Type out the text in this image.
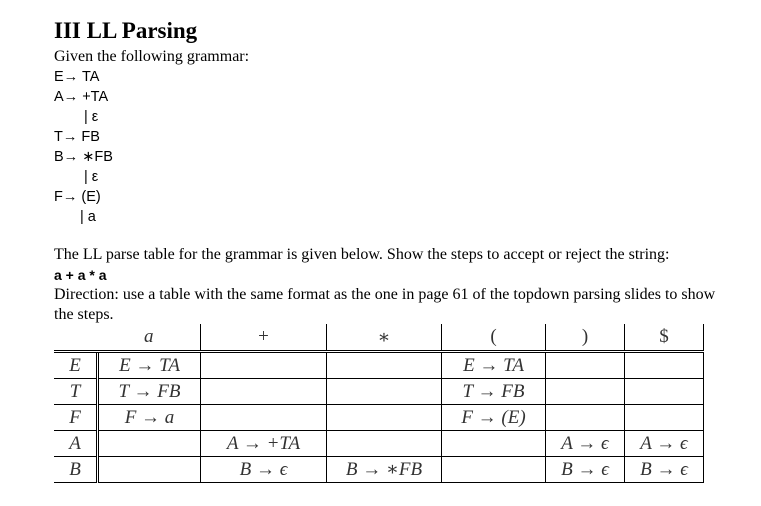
III LL Parsing
Given the following grammar:
E→ TA
A→ +TA
| ε
T→ FB
B→ ∗FB
| ε
F→ (E)
| a
The LL parse table for the grammar is given below. Show the steps to accept or reject the string:
a + a * a
Direction: use a table with the same format as the one in page 61 of the topdown parsing slides to show the steps.
	a	+	∗	(	)	$
E	E → TA			E → TA		
T	T → FB			T → FB		
F	F → a			F → (E)		
A		A → +TA			A → ϵ	A → ϵ
B		B → ϵ	B → ∗FB		B → ϵ	B → ϵ
